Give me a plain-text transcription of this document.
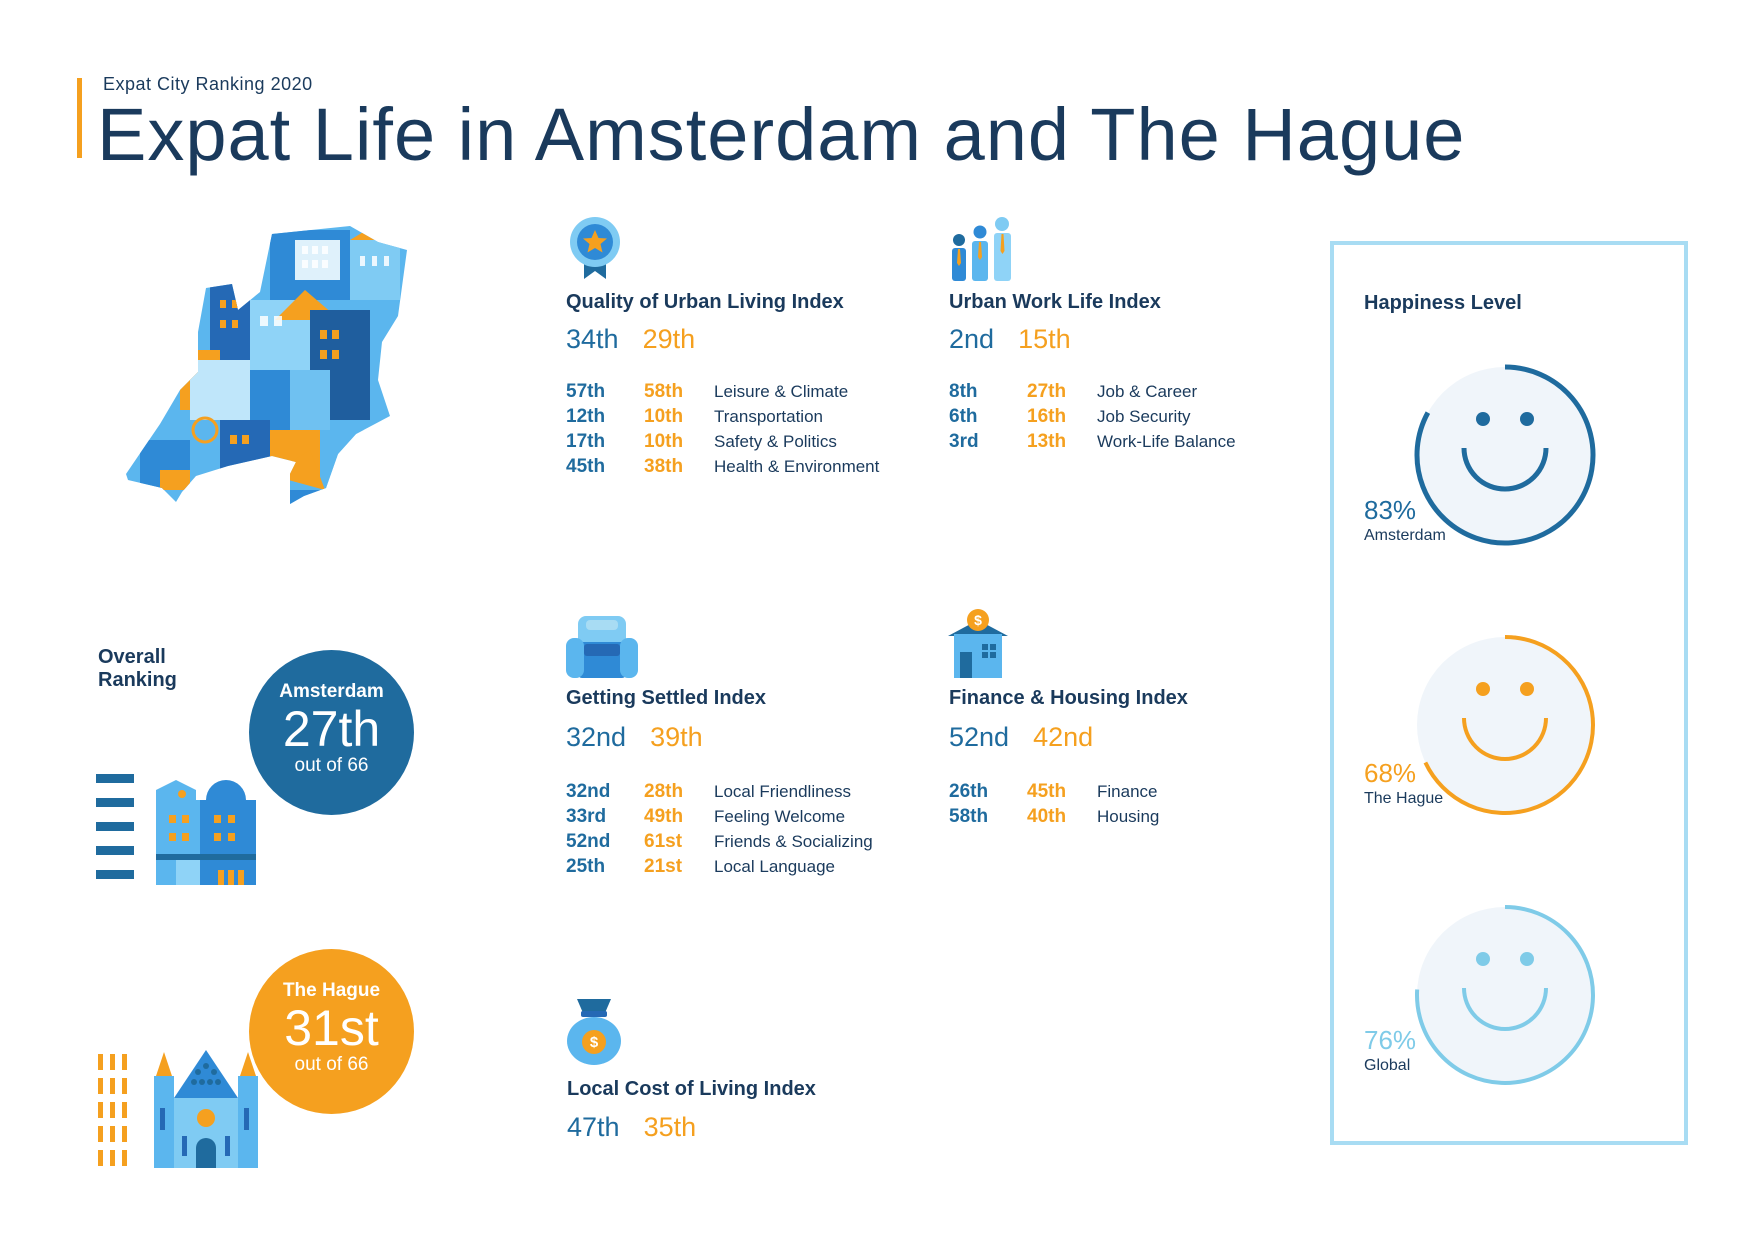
Expat City Ranking 2020
Expat Life in Amsterdam and The Hague
Quality of Urban Living Index
34th 29th
57th	58th	Leisure & Climate
12th	10th	Transportation
17th	10th	Safety & Politics
45th	38th	Health & Environment
Urban Work Life Index
2nd 15th
8th	27th	Job & Career
6th	16th	Job Security
3rd	13th	Work-Life Balance
Getting Settled Index
32nd 39th
32nd	28th	Local Friendliness
33rd	49th	Feeling Welcome
52nd	61st	Friends & Socializing
25th	21st	Local Language
$
Finance & Housing Index
52nd 42nd
26th	45th	Finance
58th	40th	Housing
$
Local Cost of Living Index
47th 35th
Overall
Ranking
Amsterdam
27th
out of 66
The Hague
31st
out of 66
Happiness Level
83%
Amsterdam
68%
The Hague
76%
Global
